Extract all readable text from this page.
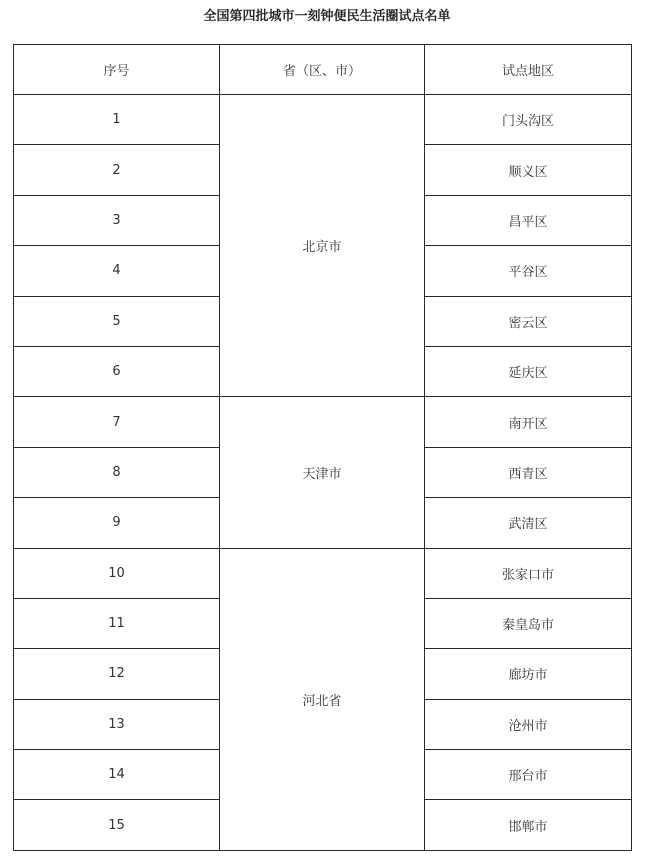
全国第四批城市一刻钟便民生活圈试点名单
序号	省（区、市）	试点地区
1	北京市	门头沟区
2		顺义区
3		昌平区
4		平谷区
5		密云区
6		延庆区
7	天津市	南开区
8		西青区
9		武清区
10	河北省	张家口市
11		秦皇岛市
12		廊坊市
13		沧州市
14		邢台市
15		邯郸市
